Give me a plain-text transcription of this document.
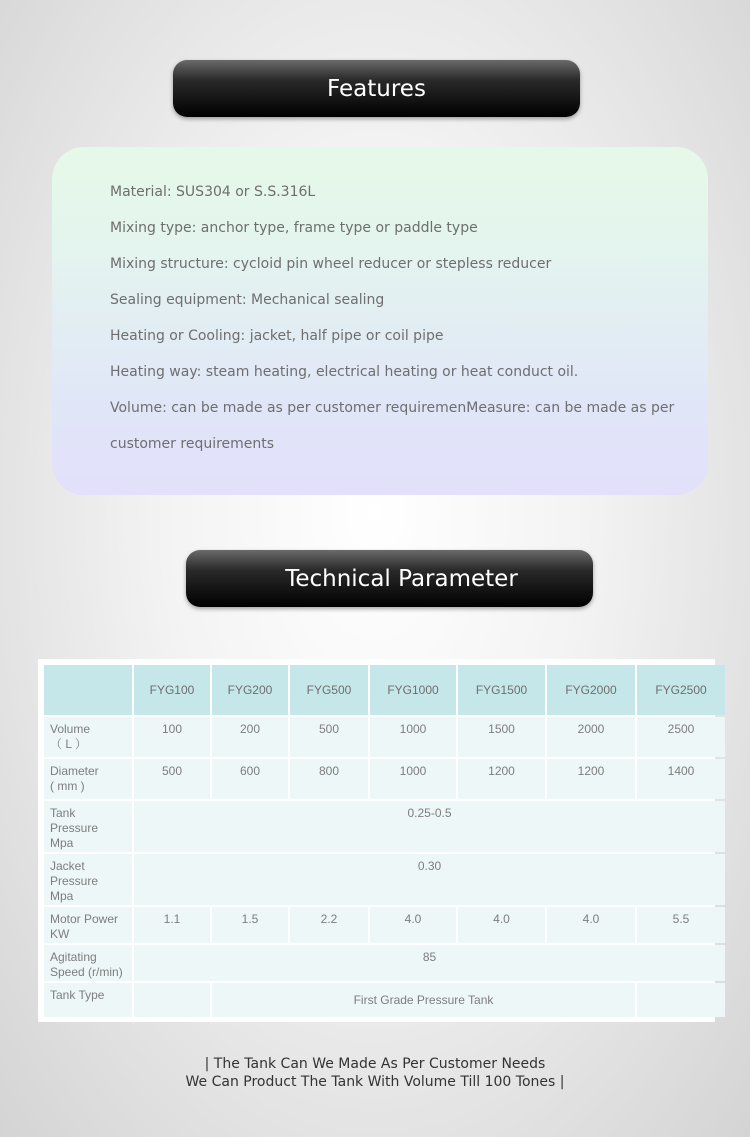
Features
Material: SUS304 or S.S.316L
Mixing type: anchor type, frame type or paddle type
Mixing structure: cycloid pin wheel reducer or stepless reducer
Sealing equipment: Mechanical sealing
Heating or Cooling: jacket, half pipe or coil pipe
Heating way: steam heating, electrical heating or heat conduct oil.
Volume: can be made as per customer requiremenMeasure: can be made as per
customer requirements
Technical Parameter
	FYG100	FYG200	FYG500	FYG1000	FYG1500	FYG2000	FYG2500
Volume
（ L ）	100	200	500	1000	1500	2000	2500
Diameter
( mm )	500	600	800	1000	1200	1200	1400
Tank
Pressure
Mpa	0.25-0.5						
Jacket
Pressure
Mpa	0.30						
Motor Power
KW	1.1	1.5	2.2	4.0	4.0	4.0	5.5
Agitating
Speed (r/min)	85						
Tank Type		First Grade Pressure Tank					
| The Tank Can We Made As Per Customer Needs
We Can Product The Tank With Volume Till 100 Tones |
